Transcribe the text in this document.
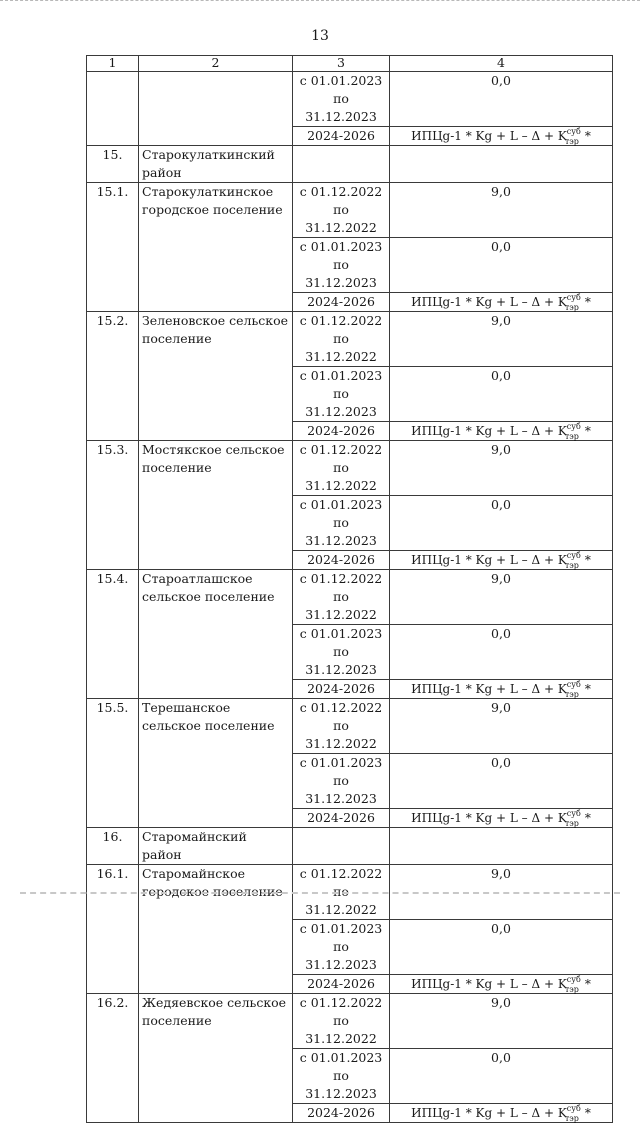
13
1	2	3	4
		с 01.01.2023 по 31.12.2023	0,0
		2024-2026	ИПЦg-1 * $Kg + L - \Delta + K^{суб}_{тэр}$ *
15.	Старокулаткинский район		
15.1.	Старокулаткинское городское поселение	с 01.12.2022 по 31.12.2022	9,0
		с 01.01.2023 по 31.12.2023	0,0
		2024-2026	ИПЦg-1 * $Kg + L - \Delta + K^{суб}_{тэр}$ *
15.2.	Зеленовское сельское поселение	с 01.12.2022 по 31.12.2022	9,0
		с 01.01.2023 по 31.12.2023	0,0
		2024-2026	ИПЦg-1 * $Kg + L - \Delta + K^{суб}_{тэр}$ *
15.3.	Мостякское сельское поселение	с 01.12.2022 по 31.12.2022	9,0
		с 01.01.2023 по 31.12.2023	0,0
		2024-2026	ИПЦg-1 * $Kg + L - \Delta + K^{суб}_{тэр}$ *
15.4.	Староатлашское сельское поселение	с 01.12.2022 по 31.12.2022	9,0
		с 01.01.2023 по 31.12.2023	0,0
		2024-2026	ИПЦg-1 * $Kg + L - \Delta + K^{суб}_{тэр}$ *
15.5.	Терешанское сельское поселение	с 01.12.2022 по 31.12.2022	9,0
		с 01.01.2023 по 31.12.2023	0,0
		2024-2026	ИПЦg-1 * $Kg + L - \Delta + K^{суб}_{тэр}$ *
16.	Старомайнский район		
16.1.	Старомайнское городское поселение	с 01.12.2022 по 31.12.2022	9,0
		с 01.01.2023 по 31.12.2023	0,0
		2024-2026	ИПЦg-1 * $Kg + L - \Delta + K^{суб}_{тэр}$ *
16.2.	Жедяевское сельское поселение	с 01.12.2022 по 31.12.2022	9,0
		с 01.01.2023 по 31.12.2023	0,0
		2024-2026	ИПЦg-1 * $Kg + L - \Delta + K^{суб}_{тэр}$ *
